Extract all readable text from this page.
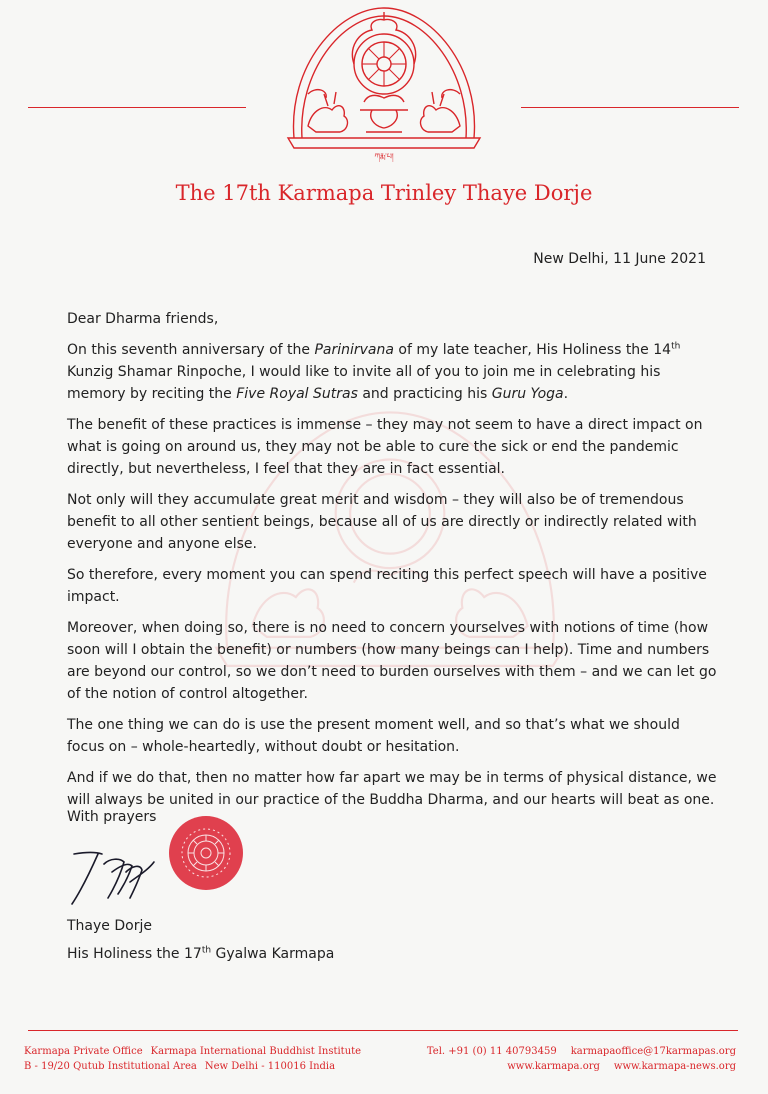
ཀརྨ་པ།
The 17th Karmapa Trinley Thaye Dorje
New Delhi, 11 June 2021

Dear Dharma friends,

On this seventh anniversary of the Parinirvana of my late teacher, His Holiness the 14th Kunzig Shamar Rinpoche, I would like to invite all of you to join me in celebrating his memory by reciting the Five Royal Sutras and practicing his Guru Yoga.

The benefit of these practices is immense – they may not seem to have a direct impact on what is going on around us, they may not be able to cure the sick or end the pandemic directly, but nevertheless, I feel that they are in fact essential.

Not only will they accumulate great merit and wisdom – they will also be of tremendous benefit to all other sentient beings, because all of us are directly or indirectly related with everyone and anyone else.

So therefore, every moment you can spend reciting this perfect speech will have a positive impact.

Moreover, when doing so, there is no need to concern yourselves with notions of time (how soon will I obtain the benefit) or numbers (how many beings can I help). Time and numbers are beyond our control, so we don’t need to burden ourselves with them – and we can let go of the notion of control altogether.

The one thing we can do is use the present moment well, and so that’s what we should focus on – whole-heartedly, without doubt or hesitation.

And if we do that, then no matter how far apart we may be in terms of physical distance, we will always be united in our practice of the Buddha Dharma, and our hearts will beat as one.

With prayers
Thaye Dorje
His Holiness the 17th Gyalwa Karmapa
Karmapa Private Office Karmapa International Buddhist Institute
B - 19/20 Qutub Institutional Area New Delhi - 110016 India
Tel. +91 (0) 11 40793459 karmapaoffice@17karmapas.org
www.karmapa.org www.karmapa-news.org
